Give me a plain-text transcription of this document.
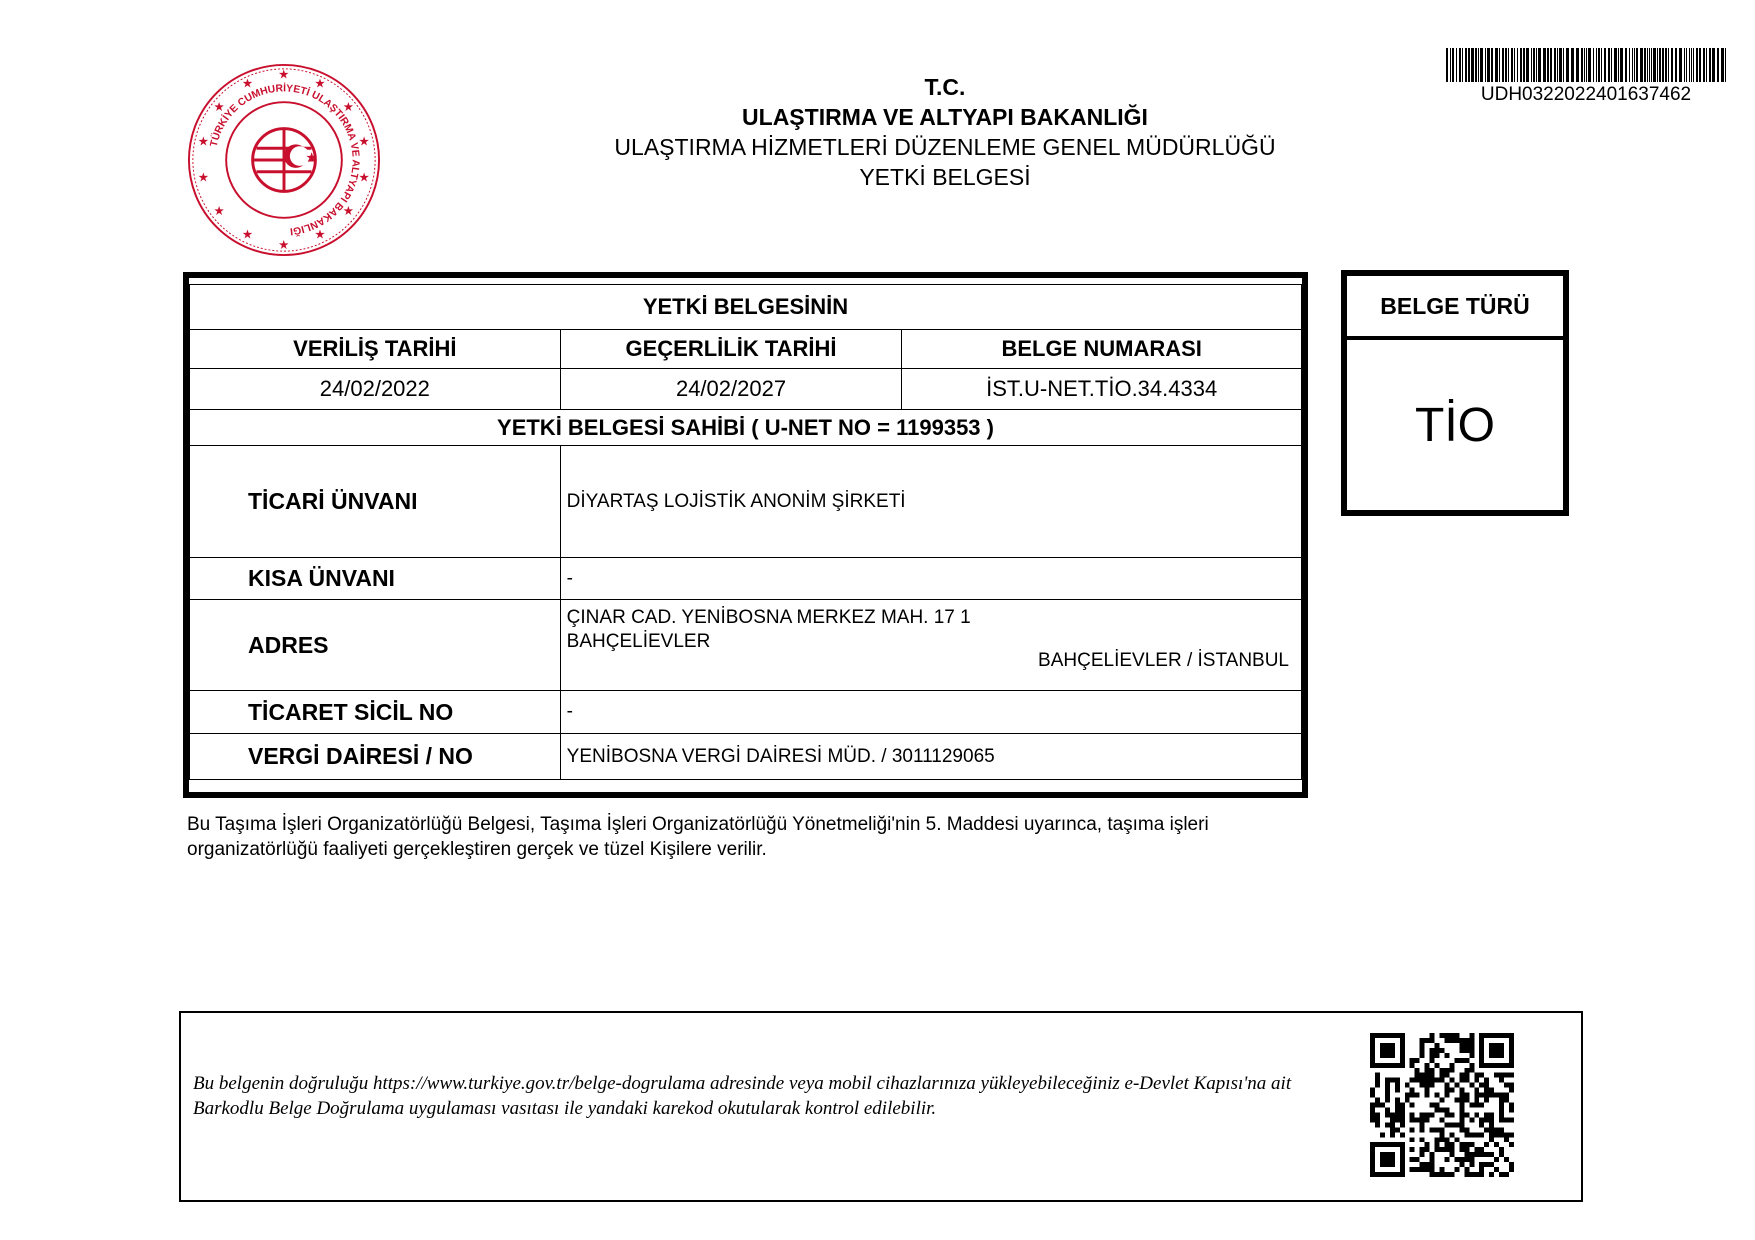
★
★
★
★
★
★
★
★
★
★
★
★
★
★
TÜRKİYE CUMHURİYETİ ULAŞTIRMA VE ALTYAPI BAKANLIĞI
★
T.C.
ULAŞTIRMA VE ALTYAPI BAKANLIĞI
ULAŞTIRMA HİZMETLERİ DÜZENLEME GENEL MÜDÜRLÜĞÜ
YETKİ BELGESİ
UDH0322022401637462
YETKİ BELGESİNİN		
VERİLİŞ TARİHİ	GEÇERLİLİK TARİHİ	BELGE NUMARASI
24/02/2022	24/02/2027	İST.U-NET.TİO.34.4334
YETKİ BELGESİ SAHİBİ ( U-NET NO = 1199353 )		
TİCARİ ÜNVANI	DİYARTAŞ LOJİSTİK ANONİM ŞİRKETİ	
KISA ÜNVANI	-	
ADRES	ÇINAR CAD. YENİBOSNA MERKEZ MAH. 17 1
BAHÇELİEVLER
BAHÇELİEVLER / İSTANBUL	

TİCARET SİCİL NO	-	
VERGİ DAİRESİ / NO	YENİBOSNA VERGİ DAİRESİ MÜD. / 3011129065	
BELGE TÜRÜ
TİO
Bu Taşıma İşleri Organizatörlüğü Belgesi, Taşıma İşleri Organizatörlüğü Yönetmeliği'nin 5. Maddesi uyarınca, taşıma işleri organizatörlüğü faaliyeti gerçekleştiren gerçek ve tüzel Kişilere verilir.
Bu belgenin doğruluğu https://www.turkiye.gov.tr/belge-dogrulama adresinde veya mobil cihazlarınıza yükleyebileceğiniz e-Devlet Kapısı'na ait Barkodlu Belge Doğrulama uygulaması vasıtası ile yandaki karekod okutularak kontrol edilebilir.
